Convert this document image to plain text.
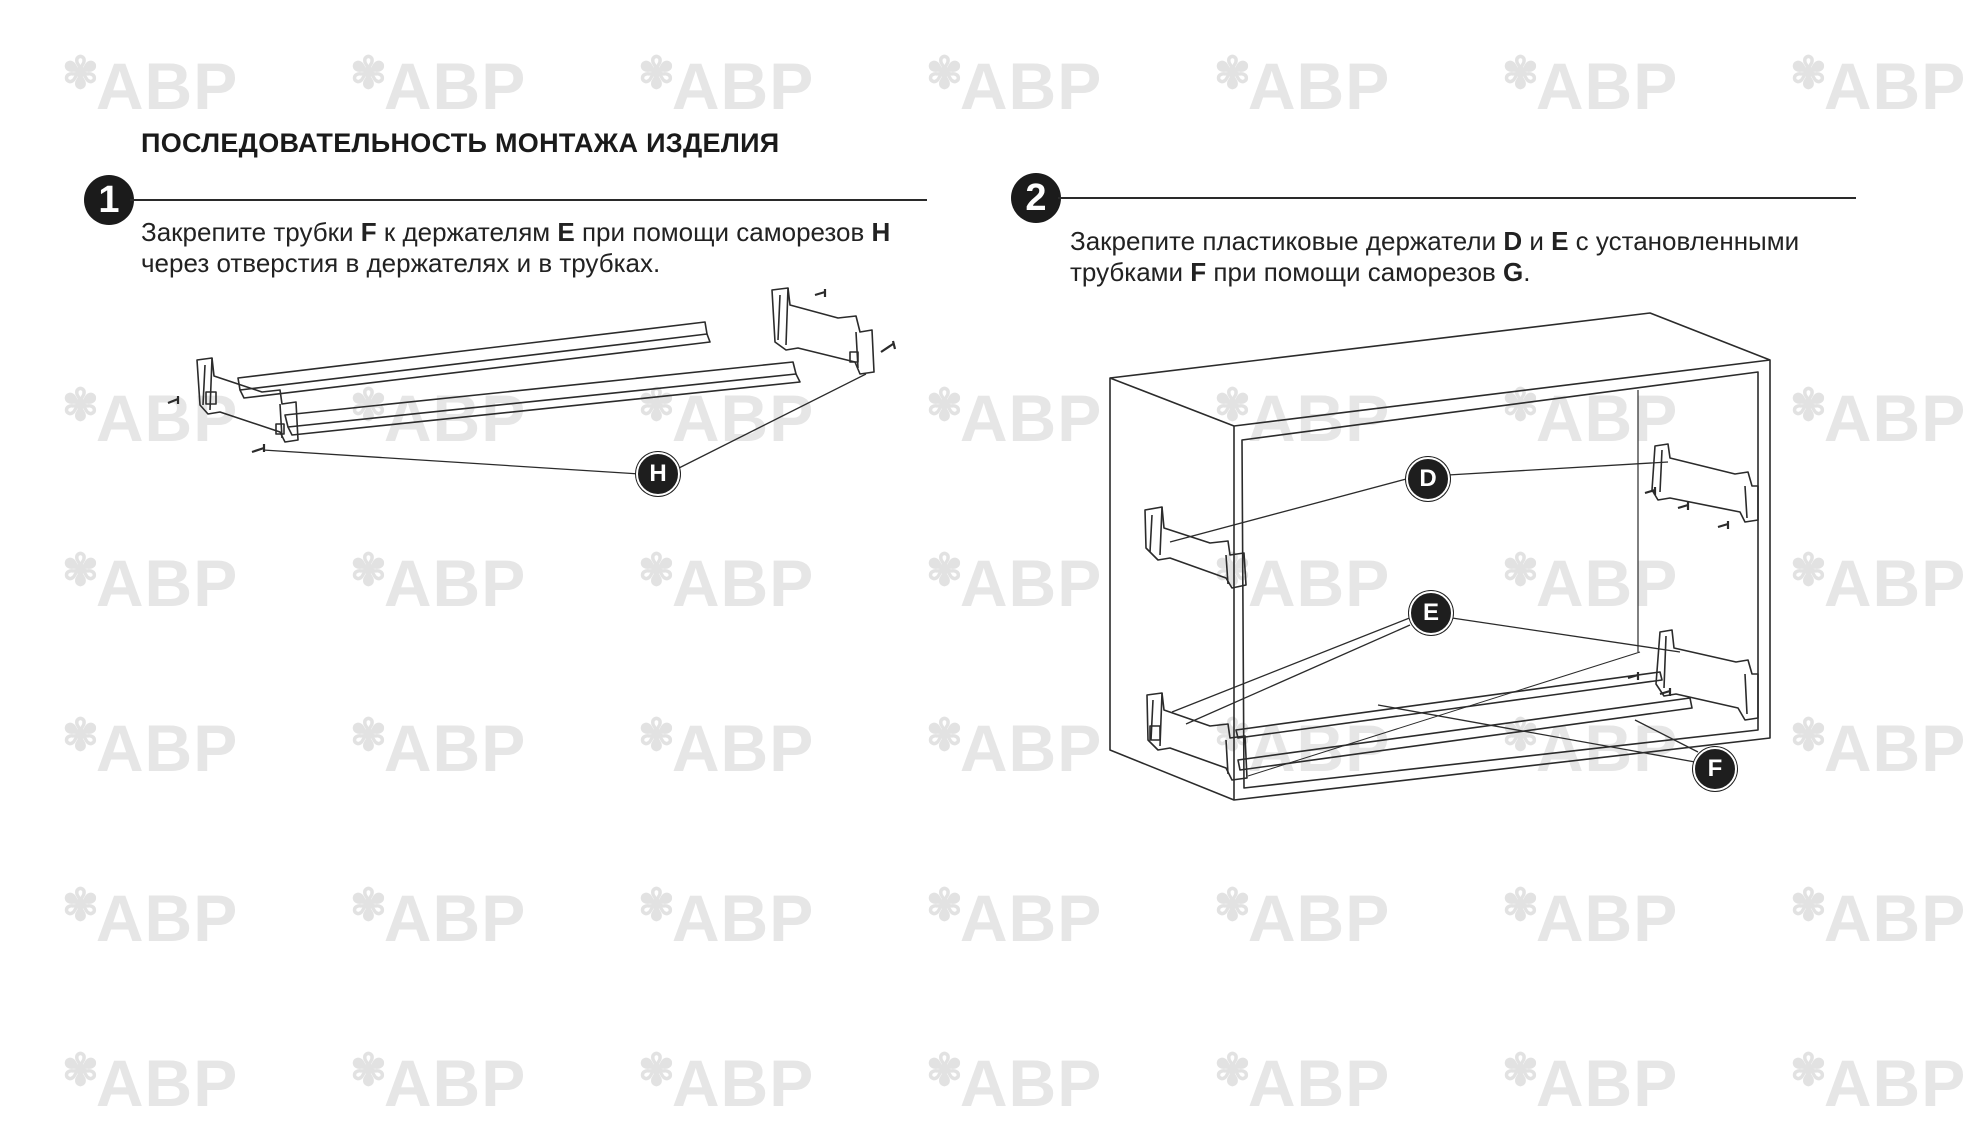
✾АВР	✾АВР	✾АВР	✾АВР	✾АВР	✾АВР	✾АВР
✾АВР	✾АВР	✾АВР	✾АВР	✾АВР	✾АВР	✾АВР
✾АВР	✾АВР	✾АВР	✾АВР	✾АВР	✾АВР	✾АВР
✾АВР	✾АВР	✾АВР	✾АВР	✾АВР	✾АВР	✾АВР
✾АВР	✾АВР	✾АВР	✾АВР	✾АВР	✾АВР	✾АВР
✾АВР	✾АВР	✾АВР	✾АВР	✾АВР	✾АВР	✾АВР
ПОСЛЕДОВАТЕЛЬНОСТЬ МОНТАЖА ИЗДЕЛИЯ
1
Закрепите трубки F к держателям E при помощи саморезов H
через отверстия в держателях и в трубках.
2
Закрепите пластиковые держатели D и E с установленными
трубками F при помощи саморезов G.
H	D
E
F
